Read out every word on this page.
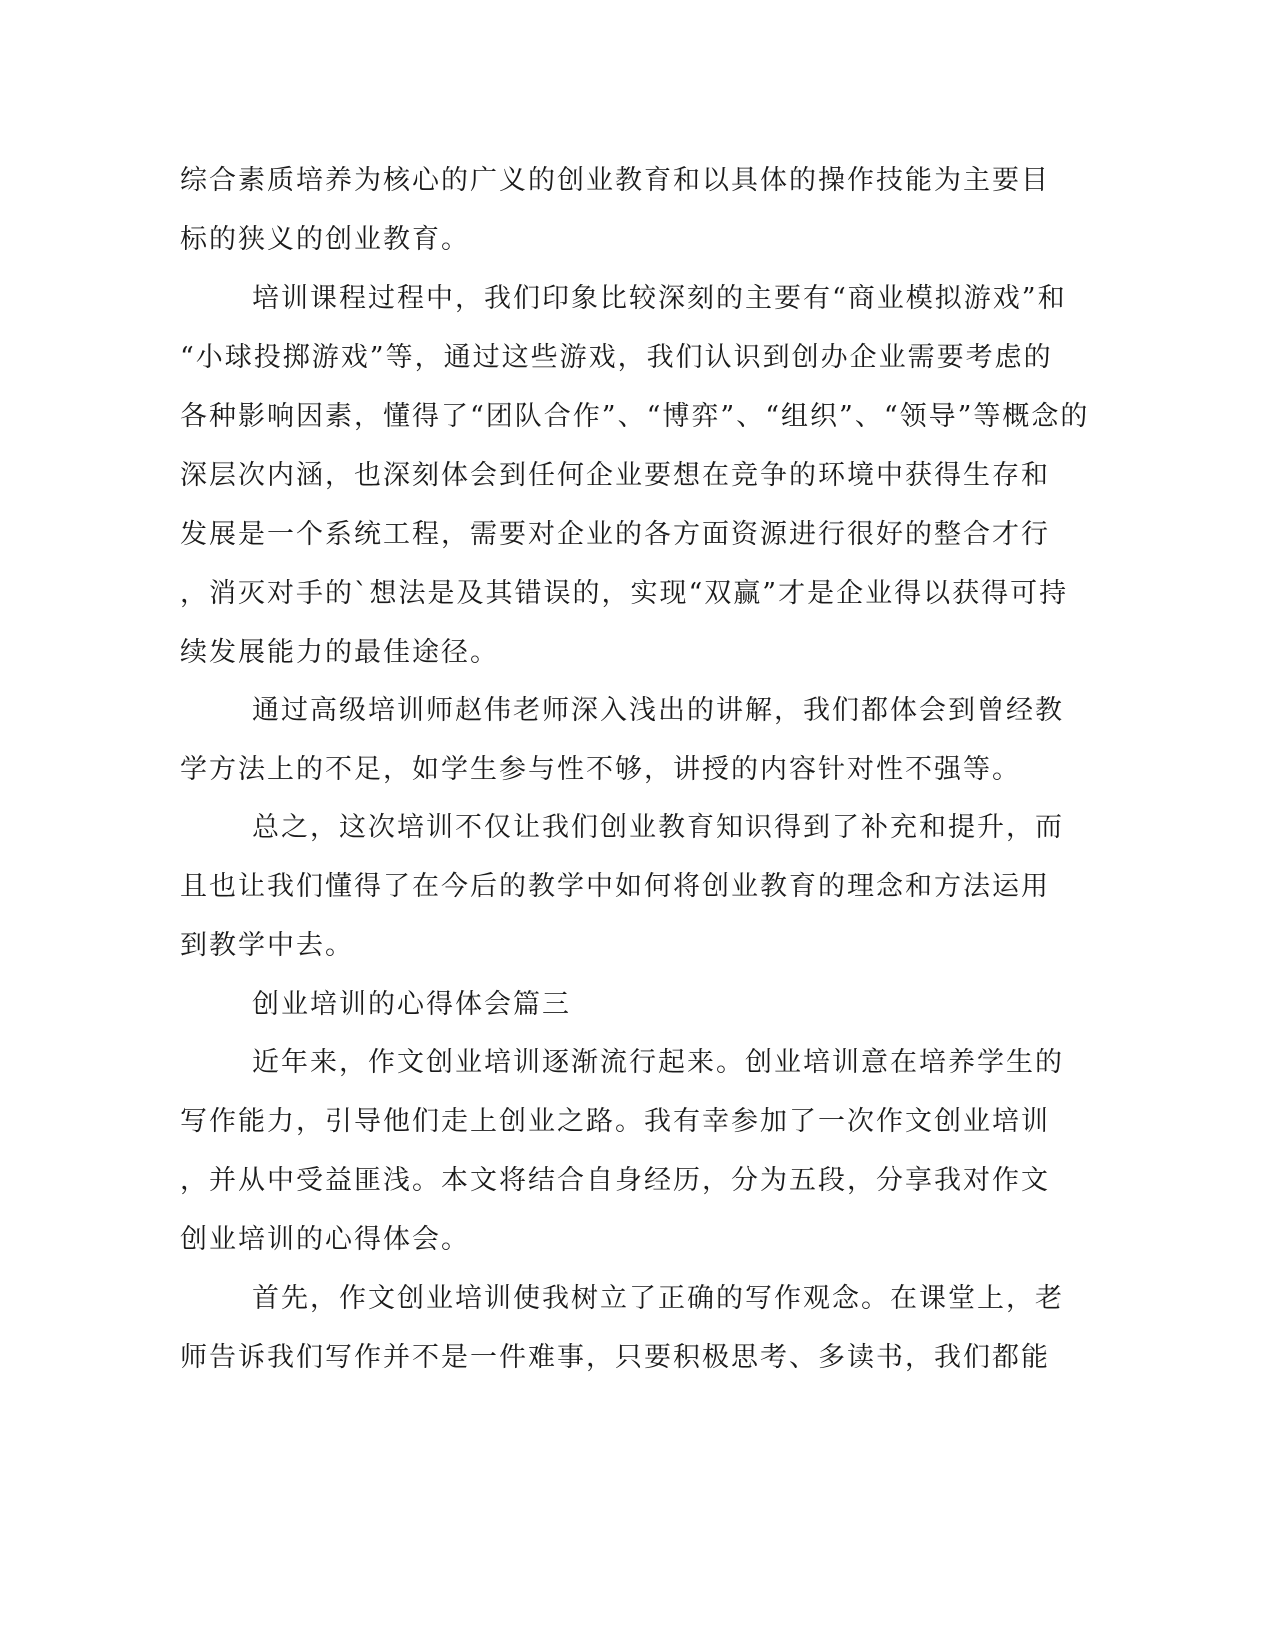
综合素质培养为核心的广义的创业教育和以具体的操作技能为主要目
标的狭义的创业教育。
培训课程过程中，我们印象比较深刻的主要有“商业模拟游戏”和
“小球投掷游戏”等，通过这些游戏，我们认识到创办企业需要考虑的
各种影响因素，懂得了“团队合作”、“博弈”、“组织”、“领导”等概念的
深层次内涵，也深刻体会到任何企业要想在竞争的环境中获得生存和
发展是一个系统工程，需要对企业的各方面资源进行很好的整合才行
，消灭对手的`想法是及其错误的，实现“双赢”才是企业得以获得可持
续发展能力的最佳途径。
通过高级培训师赵伟老师深入浅出的讲解，我们都体会到曾经教
学方法上的不足，如学生参与性不够，讲授的内容针对性不强等。
总之，这次培训不仅让我们创业教育知识得到了补充和提升，而
且也让我们懂得了在今后的教学中如何将创业教育的理念和方法运用
到教学中去。
创业培训的心得体会篇三
近年来，作文创业培训逐渐流行起来。创业培训意在培养学生的
写作能力，引导他们走上创业之路。我有幸参加了一次作文创业培训
，并从中受益匪浅。本文将结合自身经历，分为五段，分享我对作文
创业培训的心得体会。
首先，作文创业培训使我树立了正确的写作观念。在课堂上，老
师告诉我们写作并不是一件难事，只要积极思考、多读书，我们都能
